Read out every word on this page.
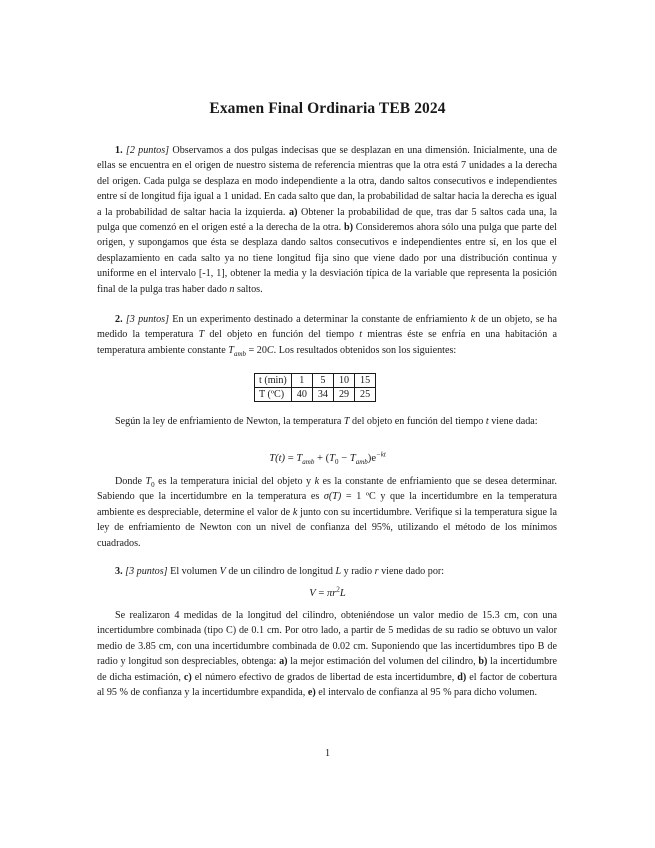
Examen Final Ordinaria TEB 2024
1. [2 puntos] Observamos a dos pulgas indecisas que se desplazan en una dimensión. Inicialmente, una de ellas se encuentra en el origen de nuestro sistema de referencia mientras que la otra está 7 unidades a la derecha del origen. Cada pulga se desplaza en modo independiente a la otra, dando saltos consecutivos e independientes entre sí de longitud fija igual a 1 unidad. En cada salto que dan, la probabilidad de saltar hacia la derecha es igual a la probabilidad de saltar hacia la izquierda. a) Obtener la probabilidad de que, tras dar 5 saltos cada una, la pulga que comenzó en el origen esté a la derecha de la otra. b) Consideremos ahora sólo una pulga que parte del origen, y supongamos que ésta se desplaza dando saltos consecutivos e independientes entre sí, en los que el desplazamiento en cada salto ya no tiene longitud fija sino que viene dado por una distribución continua y uniforme en el intervalo [-1, 1], obtener la media y la desviación típica de la variable que representa la posición final de la pulga tras haber dado n saltos.
2. [3 puntos] En un experimento destinado a determinar la constante de enfriamiento k de un objeto, se ha medido la temperatura T del objeto en función del tiempo t mientras éste se enfría en una habitación a temperatura ambiente constante $T_{amb} = 20C$. Los resultados obtenidos son los siguientes:
t (min)	1	5	10	15
T (ºC)	40	34	29	25
Según la ley de enfriamiento de Newton, la temperatura T del objeto en función del tiempo t viene dada:
$T(t) = T_{amb} + (T_0 - T_{amb})e^{-kt}$
Donde $T_0$ es la temperatura inicial del objeto y k es la constante de enfriamiento que se desea determinar. Sabiendo que la incertidumbre en la temperatura es σ(T) = 1 ºC y que la incertidumbre en la temperatura ambiente es despreciable, determine el valor de k junto con su incertidumbre. Verifique si la temperatura sigue la ley de enfriamiento de Newton con un nivel de confianza del 95%, utilizando el método de los mínimos cuadrados.
3. [3 puntos] El volumen V de un cilindro de longitud L y radio r viene dado por:
$V = \pi r^2L$
Se realizaron 4 medidas de la longitud del cilindro, obteniéndose un valor medio de 15.3 cm, con una incertidumbre combinada (tipo C) de 0.1 cm. Por otro lado, a partir de 5 medidas de su radio se obtuvo un valor medio de 3.85 cm, con una incertidumbre combinada de 0.02 cm. Suponiendo que las incertidumbres tipo B de radio y longitud son despreciables, obtenga: a) la mejor estimación del volumen del cilindro, b) la incertidumbre de dicha estimación, c) el número efectivo de grados de libertad de esta incertidumbre, d) el factor de cobertura al 95 % de confianza y la incertidumbre expandida, e) el intervalo de confianza al 95 % para dicho volumen.
1
